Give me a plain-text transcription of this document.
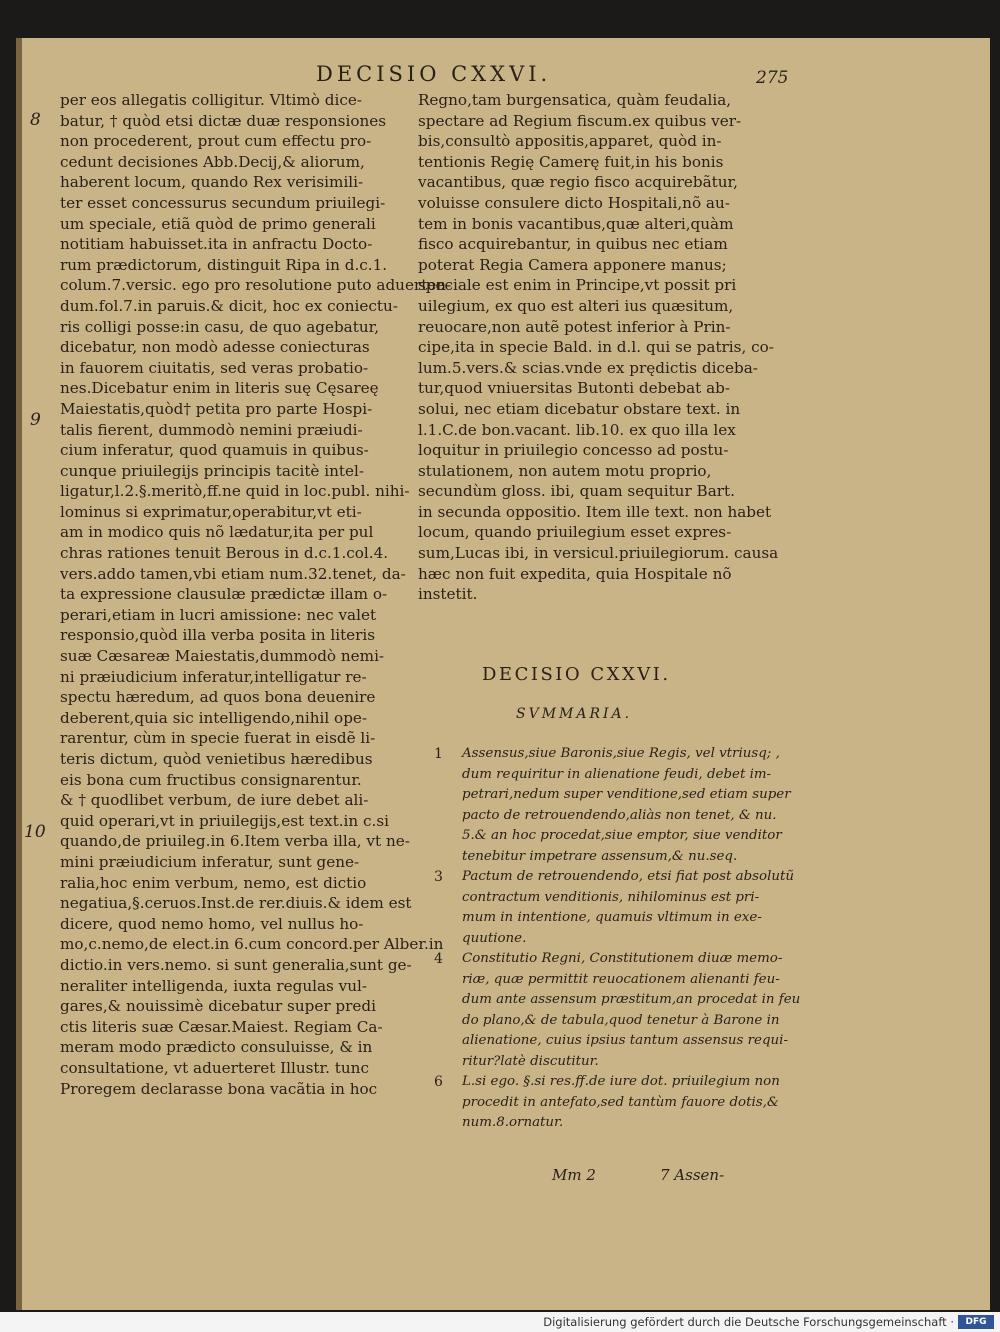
DECISIO CXXVI.	275
per eos allegatis colligitur. Vltimò dice-
batur, † quòd etsi dictæ duæ responsiones
non procederent, prout cum effectu pro-
cedunt decisiones Abb.Decij,& aliorum,
haberent locum, quando Rex verisimili-
ter esset concessurus secundum priuilegi-
um speciale, etiã quòd de primo generali
notitiam habuisset.ita in anfractu Docto-
rum prædictorum, distinguit Ripa in d.c.1.
colum.7.versic. ego pro resolutione puto aduerten-
dum.fol.7.in paruis.& dicit, hoc ex coniectu-
ris colligi posse:in casu, de quo agebatur,
dicebatur, non modò adesse coniecturas
in fauorem ciuitatis, sed veras probatio-
nes.Dicebatur enim in literis suę Cęsareę
Maiestatis,quòd† petita pro parte Hospi-
talis fierent, dummodò nemini præiudi-
cium inferatur, quod quamuis in quibus-
cunque priuilegijs principis tacitè intel-
ligatur,l.2.§.meritò,ff.ne quid in loc.publ. nihi-
lominus si exprimatur,operabitur,vt eti-
am in modico quis nõ lædatur,ita per pul
chras rationes tenuit Berous in d.c.1.col.4.
vers.addo tamen,vbi etiam num.32.tenet, da-
ta expressione clausulæ prædictæ illam o-
perari,etiam in lucri amissione: nec valet
responsio,quòd illa verba posita in literis
suæ Cæsareæ Maiestatis,dummodò nemi-
ni præiudicium inferatur,intelligatur re-
spectu hæredum, ad quos bona deuenire
deberent,quia sic intelligendo,nihil ope-
rarentur, cùm in specie fuerat in eisdẽ li-
teris dictum, quòd venietibus hæredibus
eis bona cum fructibus consignarentur.
& † quodlibet verbum, de iure debet ali-
quid operari,vt in priuilegijs,est text.in c.si
quando,de priuileg.in 6.Item verba illa, vt ne-
mini præiudicium inferatur, sunt gene-
ralia,hoc enim verbum, nemo, est dictio
negatiua,§.ceruos.Inst.de rer.diuis.& idem est
dicere, quod nemo homo, vel nullus ho-
mo,c.nemo,de elect.in 6.cum concord.per Alber.in
dictio.in vers.nemo. si sunt generalia,sunt ge-
neraliter intelligenda, iuxta regulas vul-
gares,& nouissimè dicebatur super predi
ctis literis suæ Cæsar.Maiest. Regiam Ca-
meram modo prædicto consuluisse, & in
consultatione, vt aduerteret Illustr. tunc
Proregem declarasse bona vacãtia in hoc
8
9
10
Regno,tam burgensatica, quàm feudalia,
spectare ad Regium fiscum.ex quibus ver-
bis,consultò appositis,apparet, quòd in-
tentionis Regię Camerę fuit,in his bonis
vacantibus, quæ regio fisco acquirebãtur,
voluisse consulere dicto Hospitali,nõ au-
tem in bonis vacantibus,quæ alteri,quàm
fisco acquirebantur, in quibus nec etiam
poterat Regia Camera apponere manus;
speciale est enim in Principe,vt possit pri
uilegium, ex quo est alteri ius quæsitum,
reuocare,non autẽ potest inferior à Prin-
cipe,ita in specie Bald. in d.l. qui se patris, co-
lum.5.vers.& scias.vnde ex prędictis diceba-
tur,quod vniuersitas Butonti debebat ab-
solui, nec etiam dicebatur obstare text. in
l.1.C.de bon.vacant. lib.10. ex quo illa lex
loquitur in priuilegio concesso ad postu-
stulationem, non autem motu proprio,
secundùm gloss. ibi, quam sequitur Bart.
in secunda oppositio. Item ille text. non habet
locum, quando priuilegium esset expres-
sum,Lucas ibi, in versicul.priuilegiorum. causa
hæc non fuit expedita, quia Hospitale nõ
instetit.
DECISIO CXXVI.
SVMMARIA.
1 Assensus,siue Baronis,siue Regis, vel vtriusq; ,
dum requiritur in alienatione feudi, debet im-
petrari,nedum super venditione,sed etiam super
pacto de retrouendendo,aliàs non tenet, & nu.
5.& an hoc procedat,siue emptor, siue venditor
tenebitur impetrare assensum,& nu.seq.
3 Pactum de retrouendendo, etsi fiat post absolutũ
contractum venditionis, nihilominus est pri-
mum in intentione, quamuis vltimum in exe-
quutione.
4 Constitutio Regni, Constitutionem diuæ memo-
riæ, quæ permittit reuocationem alienanti feu-
dum ante assensum præstitum,an procedat in feu
do plano,& de tabula,quod tenetur à Barone in
alienatione, cuius ipsius tantum assensus requi-
ritur?latè discutitur.
6 L.si ego. §.si res.ff.de iure dot. priuilegium non
procedit in antefato,sed tantùm fauore dotis,&
num.8.ornatur.
Mm 2	7 Assen-
Digitalisierung gefördert durch die Deutsche Forschungsgemeinschaft ·	DFG
